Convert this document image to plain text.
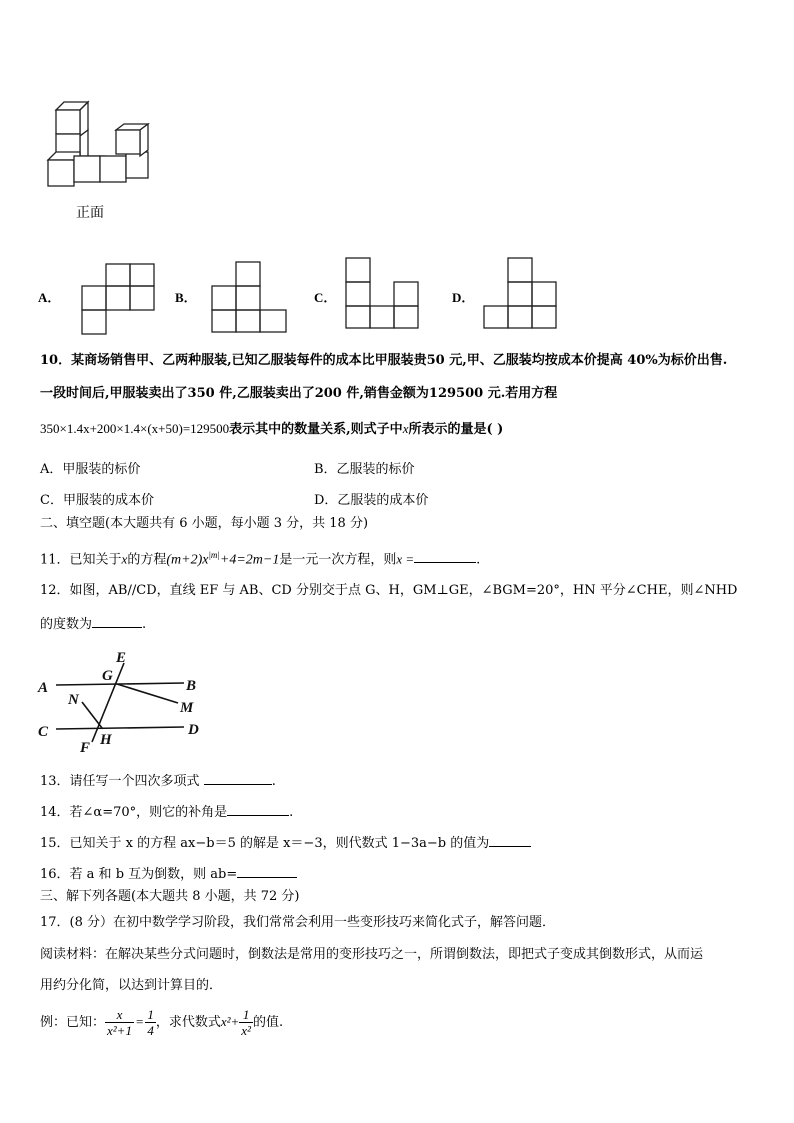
正面
A．	B．	C．	D．
10．某商场销售甲、乙两种服装,已知乙服装每件的成本比甲服装贵50 元,甲、乙服装均按成本价提高 40%为标价出售.
一段时间后,甲服装卖出了350 件,乙服装卖出了200 件,销售金额为129500 元.若用方程
350×1.4x+200×1.4×(x+50)=129500表示其中的数量关系,则式子中x所表示的量是( )
A．甲服装的标价	B．乙服装的标价
C．甲服装的成本价	D．乙服装的成本价
二、填空题(本大题共有 6 小题，每小题 3 分，共 18 分)
11．已知关于x的方程$(m+2)x^{|m|}+4=2m-1$是一元一次方程，则x =	.
12．如图，AB//CD，直线 EF 与 AB、CD 分别交于点 G、H，GM⊥GE，∠BGM=20°，HN 平分∠CHE，则∠NHD
的度数为	.
A	B
C	D
E
F
G
H
M
N
13．请任写一个四次多项式	.
14．若∠α=70°，则它的补角是	.
15．已知关于 x 的方程 ax−b＝5 的解是 x＝−3，则代数式 1−3a−b 的值为
16．若 a 和 b 互为倒数，则 ab=
三、解下列各题(本大题共 8 小题，共 72 分)
17．(8 分）在初中数学学习阶段，我们常常会利用一些变形技巧来简化式子，解答问题．
阅读材料：在解决某些分式问题时，倒数法是常用的变形技巧之一，所谓倒数法，即把式子变成其倒数形式，从而运
用约分化简，以达到计算目的．
例：已知： $\frac{x}{\text{x²+1}} = \frac{1}{4}$ ，求代数式$x^2+ \frac{1}{\text{x²}}$ 的值.
